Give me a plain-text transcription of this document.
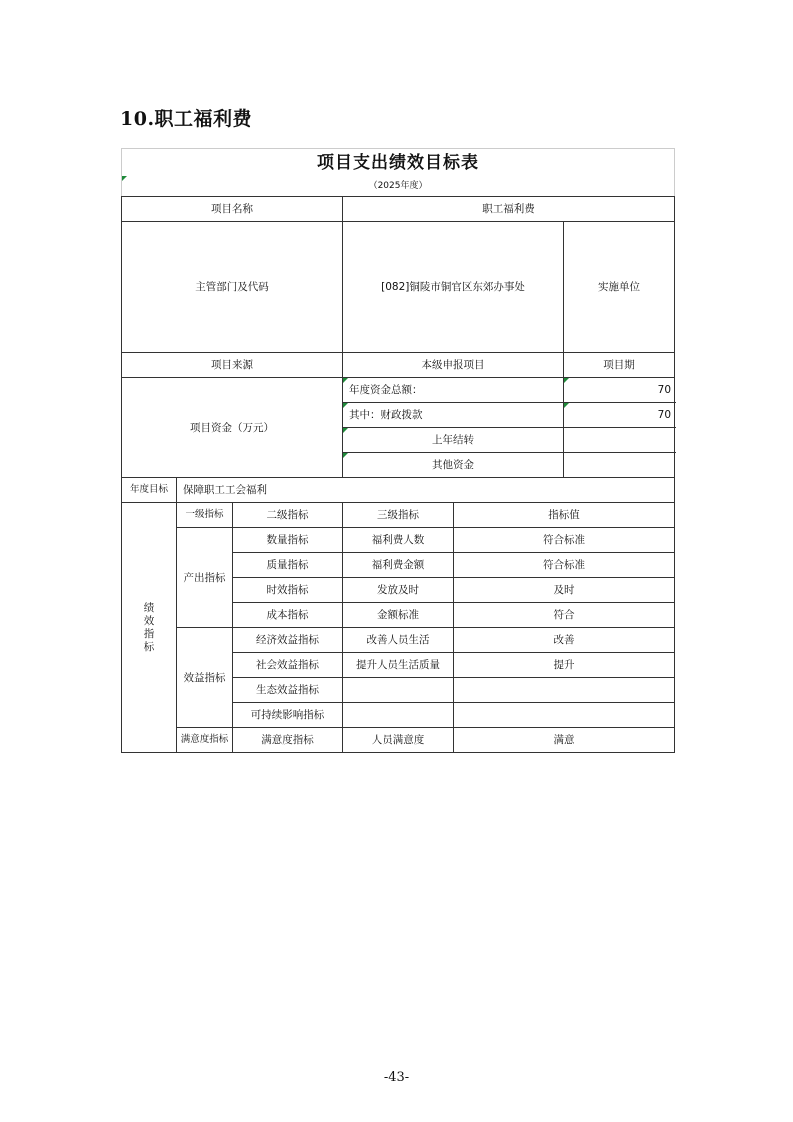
10.职工福利费
项目支出绩效目标表						

（2025年度）						
项目名称			职工福利费			
主管部门及代码			[082]铜陵市铜官区东郊办事处		实施单位	
项目来源			本级申报项目		项目期	
项目资金（万元）			年度资金总额：		70	

其中：财政拨款		70	

上年结转			

其他资金			
年度目标	保障职工工会福利					
绩效指标	一级指标	二级指标	三级指标	指标值		
	产出指标	数量指标	福利费人数	符合标准		
		质量指标	福利费金额	符合标准		
		时效指标	发放及时	及时		
		成本指标	金额标准	符合		
	效益指标	经济效益指标	改善人员生活	改善		
		社会效益指标	提升人员生活质量	提升		
		生态效益指标				
		可持续影响指标				
	满意度指标	满意度指标	人员满意度	满意		
-43-
